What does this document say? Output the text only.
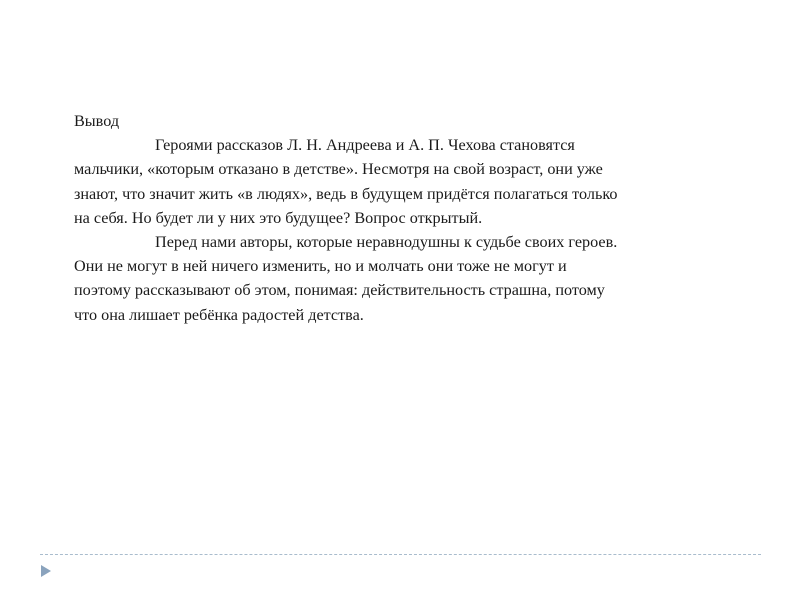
Вывод
Героями рассказов Л. Н. Андреева и А. П. Чехова становятся
мальчики, «которым отказано в детстве». Несмотря на свой возраст, они уже
знают, что значит жить «в людях», ведь в будущем придётся полагаться только
на себя. Но будет ли у них это будущее? Вопрос открытый.
Перед нами авторы, которые неравнодушны к судьбе своих героев.
Они не могут в ней ничего изменить, но и молчать они тоже не могут и
поэтому рассказывают об этом, понимая: действительность страшна, потому
что она лишает ребёнка радостей детства.
